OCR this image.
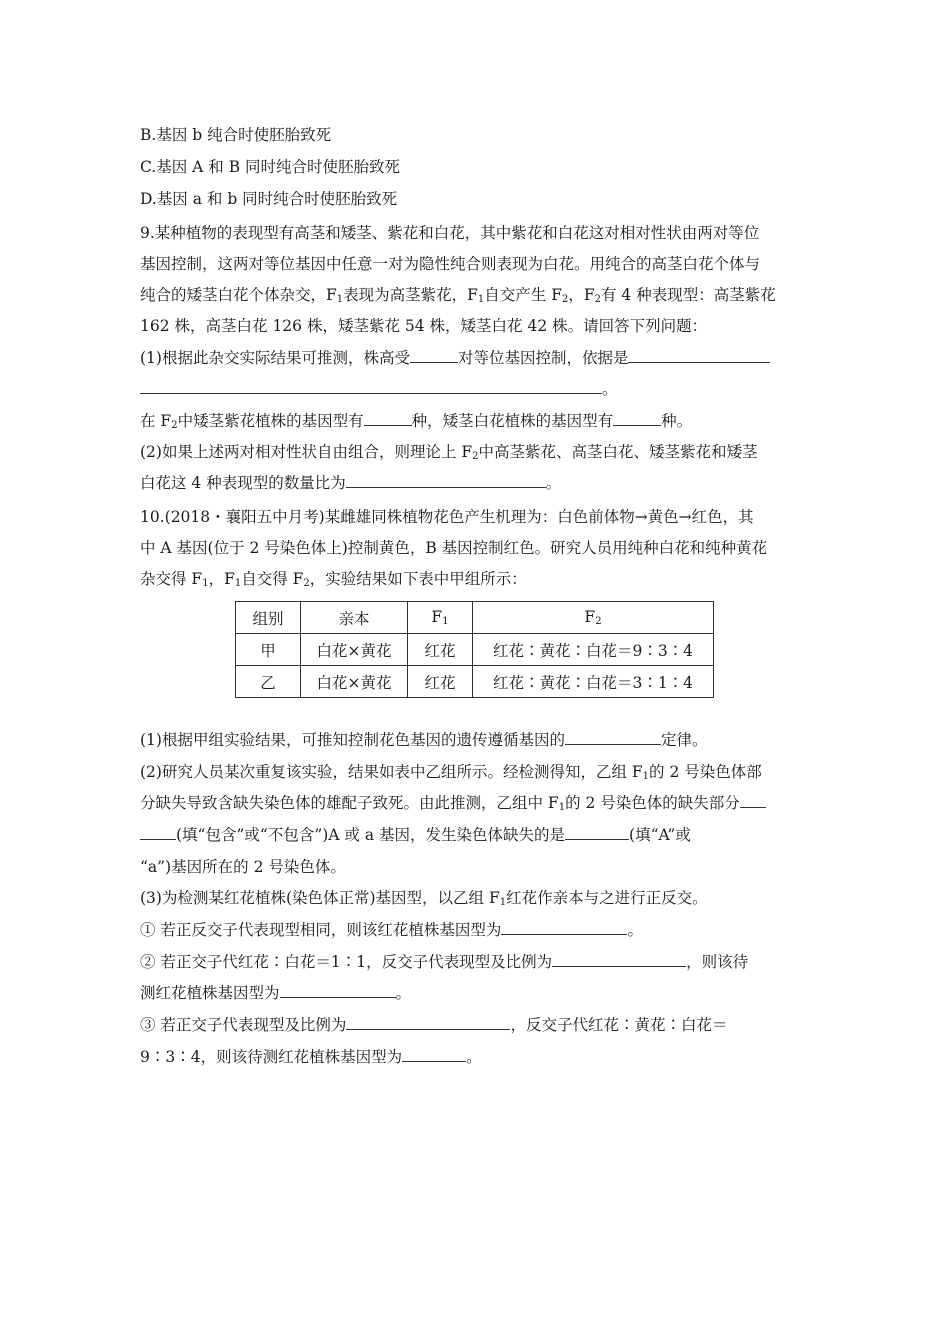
B.基因 b 纯合时使胚胎致死
C.基因 A 和 B 同时纯合时使胚胎致死
D.基因 a 和 b 同时纯合时使胚胎致死
9.某种植物的表现型有高茎和矮茎、紫花和白花，其中紫花和白花这对相对性状由两对等位
基因控制，这两对等位基因中任意一对为隐性纯合则表现为白花。用纯合的高茎白花个体与
纯合的矮茎白花个体杂交，$F_1$表现为高茎紫花，$F_1$自交产生 $F_2$，$F_2$有 4 种表现型：高茎紫花
162 株，高茎白花 126 株，矮茎紫花 54 株，矮茎白花 42 株。请回答下列问题：
(1)根据此杂交实际结果可推测，株高受	对等位基因控制，依据是
。
在 $F_2$中矮茎紫花植株的基因型有	种，矮茎白花植株的基因型有	种。
(2)如果上述两对相对性状自由组合，则理论上 $F_2$中高茎紫花、高茎白花、矮茎紫花和矮茎
白花这 4 种表现型的数量比为	。
10.(2018・襄阳五中月考)某雌雄同株植物花色产生机理为：白色前体物→黄色→红色，其
中 A 基因(位于 2 号染色体上)控制黄色，B 基因控制红色。研究人员用纯种白花和纯种黄花
杂交得 $F_1$，$F_1$自交得 $F_2$，实验结果如下表中甲组所示：
组别	亲本	$F_1$	$F_2$
甲	白花×黄花	红花	红花∶黄花∶白花＝9∶3∶4
乙	白花×黄花	红花	红花∶黄花∶白花＝3∶1∶4
(1)根据甲组实验结果，可推知控制花色基因的遗传遵循基因的	定律。
(2)研究人员某次重复该实验，结果如表中乙组所示。经检测得知，乙组 $F_1$的 2 号染色体部
分缺失导致含缺失染色体的雄配子致死。由此推测，乙组中 $F_1$的 2 号染色体的缺失部分
(填“包含”或“不包含”)A 或 a 基因，发生染色体缺失的是	(填“A”或
“a”)基因所在的 2 号染色体。
(3)为检测某红花植株(染色体正常)基因型，以乙组 $F_1$红花作亲本与之进行正反交。
① 若正反交子代表现型相同，则该红花植株基因型为	。
② 若正交子代红花∶白花＝1∶1，反交子代表现型及比例为	，则该待
测红花植株基因型为	。
③ 若正交子代表现型及比例为	，反交子代红花∶黄花∶白花＝
9∶3∶4，则该待测红花植株基因型为	。
